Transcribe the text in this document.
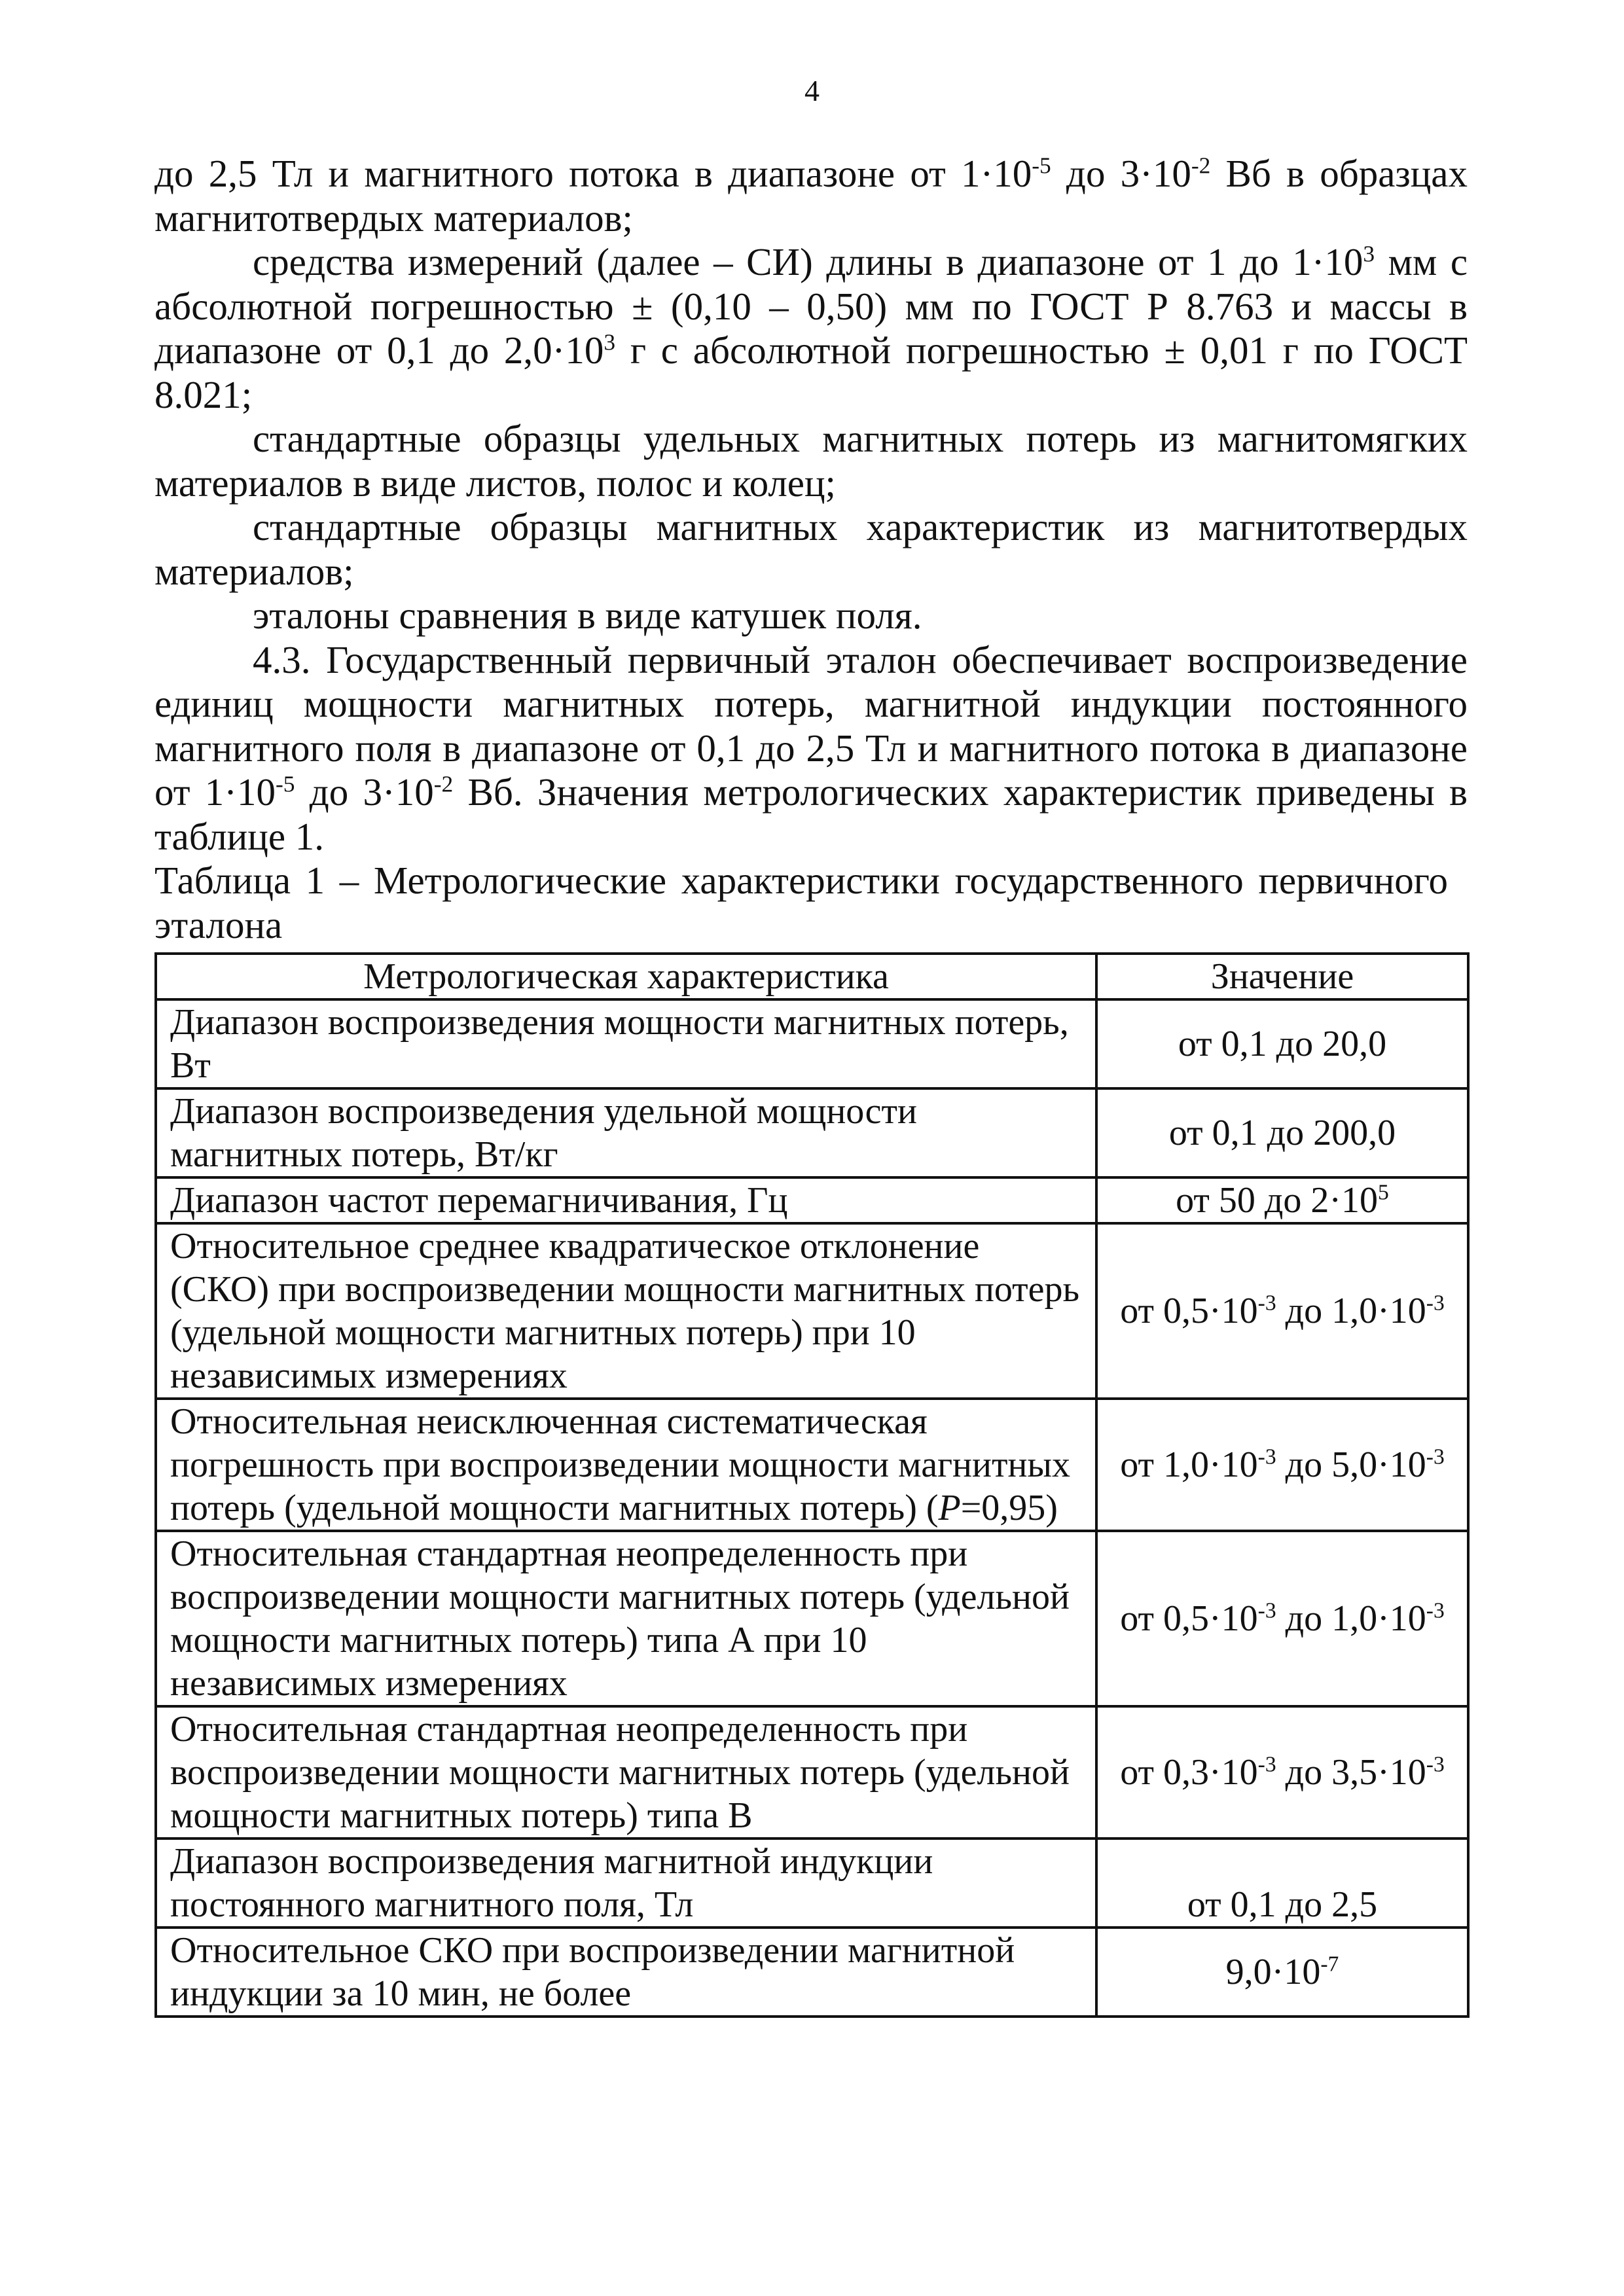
4

до 2,5 Тл и магнитного потока в диапазоне от $1\cdot 10^{-5}$ до $3\cdot 10^{-2}$ Вб в образцах магнитотвердых материалов;

средства измерений (далее – СИ) длины в диапазоне от 1 до $1\cdot 10^3$ мм с абсолютной погрешностью ± (0,10 – 0,50) мм по ГОСТ Р 8.763 и массы в диапазоне от 0,1 до $2,0\cdot 10^3$ г с абсолютной погрешностью ± 0,01 г по ГОСТ 8.021;

стандартные образцы удельных магнитных потерь из магнитомягких материалов в виде листов, полос и колец;

стандартные образцы магнитных характеристик из магнитотвердых материалов;

эталоны сравнения в виде катушек поля.

4.3. Государственный первичный эталон обеспечивает воспроизведение единиц мощности магнитных потерь, магнитной индукции постоянного магнитного поля в диапазоне от 0,1 до 2,5 Тл и магнитного потока в диапазоне от $1\cdot 10^{-5}$ до $3\cdot 10^{-2}$ Вб. Значения метрологических характеристик приведены в таблице 1.

Таблица 1 – Метрологические характеристики государственного первичного эталона

Метрологическая характеристика	Значение
Диапазон воспроизведения мощности магнитных потерь, Вт	от 0,1 до 20,0
Диапазон воспроизведения удельной мощности магнитных потерь, Вт/кг	от 0,1 до 200,0
Диапазон частот перемагничивания, Гц	от 50 до $2\cdot 10^5$
Относительное среднее квадратическое отклонение (СКО) при воспроизведении мощности магнитных потерь (удельной мощности магнитных потерь) при 10 независимых измерениях	от $0,5\cdot 10^{-3}$ до $1,0\cdot 10^{-3}$
Относительная неисключенная систематическая погрешность при воспроизведении мощности магнитных потерь (удельной мощности магнитных потерь) (P=0,95)	от $1,0\cdot 10^{-3}$ до $5,0\cdot 10^{-3}$
Относительная стандартная неопределенность при воспроизведении мощности магнитных потерь (удельной мощности магнитных потерь) типа А при 10 независимых измерениях	от $0,5\cdot 10^{-3}$ до $1,0\cdot 10^{-3}$
Относительная стандартная неопределенность при воспроизведении мощности магнитных потерь (удельной мощности магнитных потерь) типа В	от $0,3\cdot 10^{-3}$ до $3,5\cdot 10^{-3}$
Диапазон воспроизведения магнитной индукции постоянного магнитного поля, Тл	от 0,1 до 2,5
Относительное СКО при воспроизведении магнитной индукции за 10 мин, не более	$9,0\cdot 10^{-7}$
